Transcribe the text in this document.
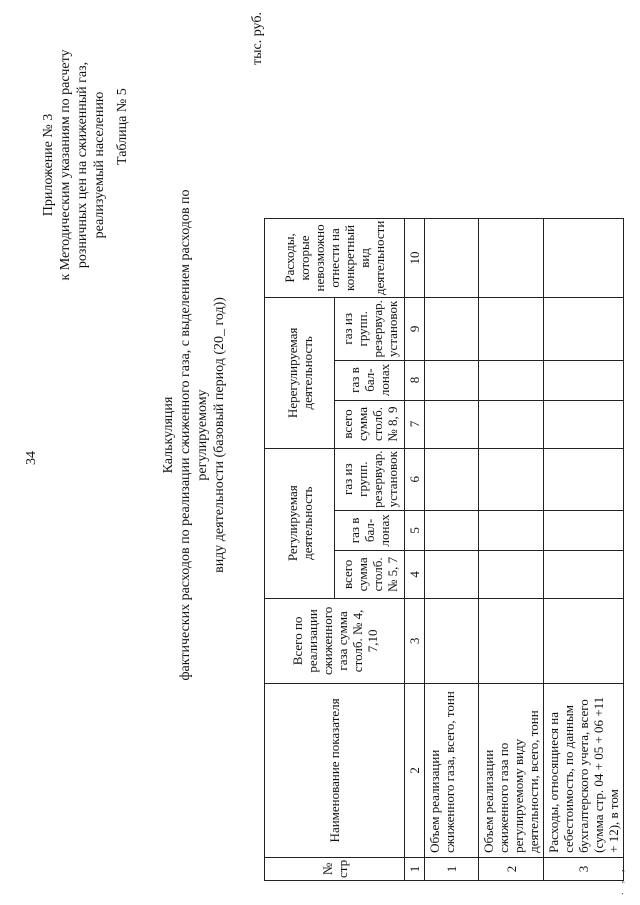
34
Приложение № 3 к Методическим указаниям по расчету розничных цен на сжиженный газ, реализуемый населению Таблица № 5
Калькуляция фактических расходов по реализации сжиженного газа, с выделением расходов по регулируемому виду деятельности (базовый период (20_ год))
тыс. руб.
№ стр	Наименование показателя	Всего по реализации сжиженного газа сумма столб. № 4, 7,10	Регулируемая деятельность			Нерегулируемая деятельность			Расходы, которые невозможно отнести на конкретный вид деятельности
			всего сумма столб. № 5, 7	газ в бал-лонах	газ из групп. резервуар. установок	всего сумма столб. № 8, 9	газ в бал-лонах	газ из групп. резервуар. установок	
1	2	3	4	5	6	7	8	9	10
1	Объем реализации сжиженного газа, всего, тонн								
2	Объем реализации сжиженного газа по регулируемому виду деятельности, всего, тонн								
3	Расходы, относящиеся на себестоимость, по данным бухгалтерского учета, всего (сумма стр. 04 + 05 + 06 +11 + 12), в том								
. , ,
